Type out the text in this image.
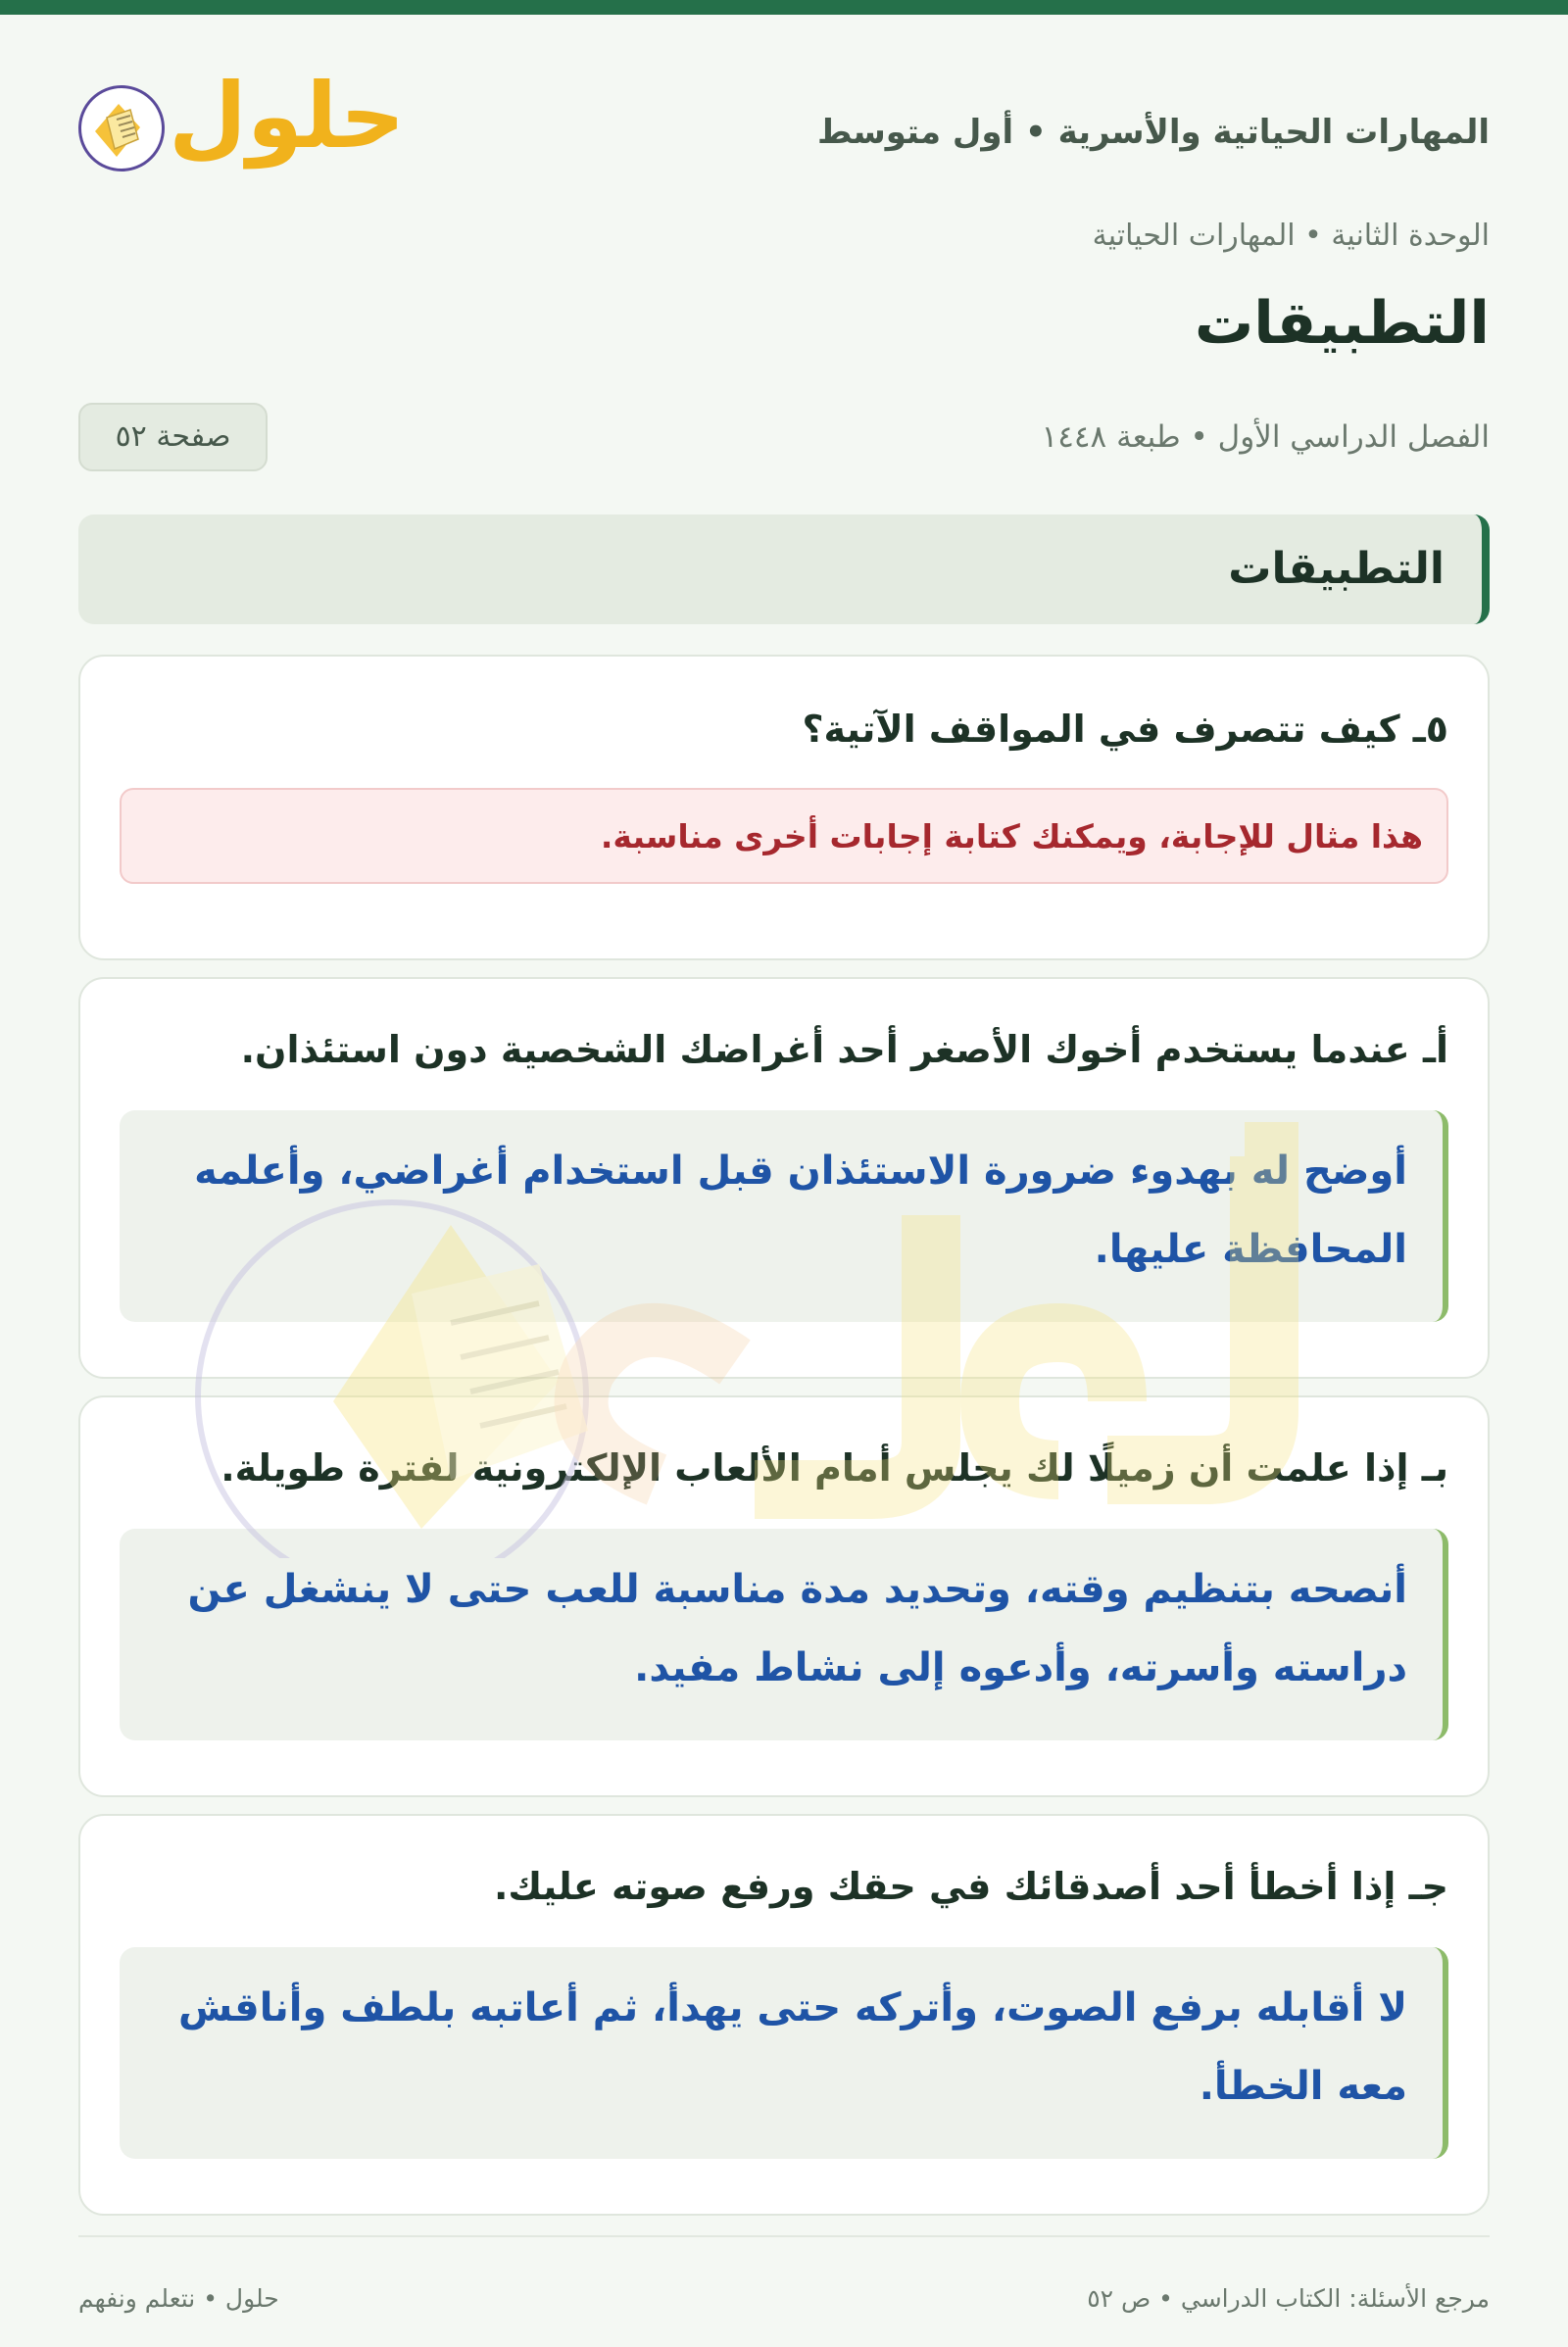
المهارات الحياتية والأسرية • أول متوسط
حلول
الوحدة الثانية • المهارات الحياتية
التطبيقات
الفصل الدراسي الأول • طبعة ١٤٤٨
صفحة ٥٢
التطبيقات
٥ـ كيف تتصرف في المواقف الآتية؟
هذا مثال للإجابة، ويمكنك كتابة إجابات أخرى مناسبة.
أـ عندما يستخدم أخوك الأصغر أحد أغراضك الشخصية دون استئذان.
أوضح له بهدوء ضرورة الاستئذان قبل استخدام أغراضي، وأعلمه المحافظة عليها.
بـ إذا علمت أن زميلًا لك يجلس أمام الألعاب الإلكترونية لفترة طويلة.
أنصحه بتنظيم وقته، وتحديد مدة مناسبة للعب حتى لا ينشغل عن دراسته وأسرته، وأدعوه إلى نشاط مفيد.
جـ إذا أخطأ أحد أصدقائك في حقك ورفع صوته عليك.
لا أقابله برفع الصوت، وأتركه حتى يهدأ، ثم أعاتبه بلطف وأناقش معه الخطأ.
مرجع الأسئلة: الكتاب الدراسي • ص ٥٢
حلول • نتعلم ونفهم
